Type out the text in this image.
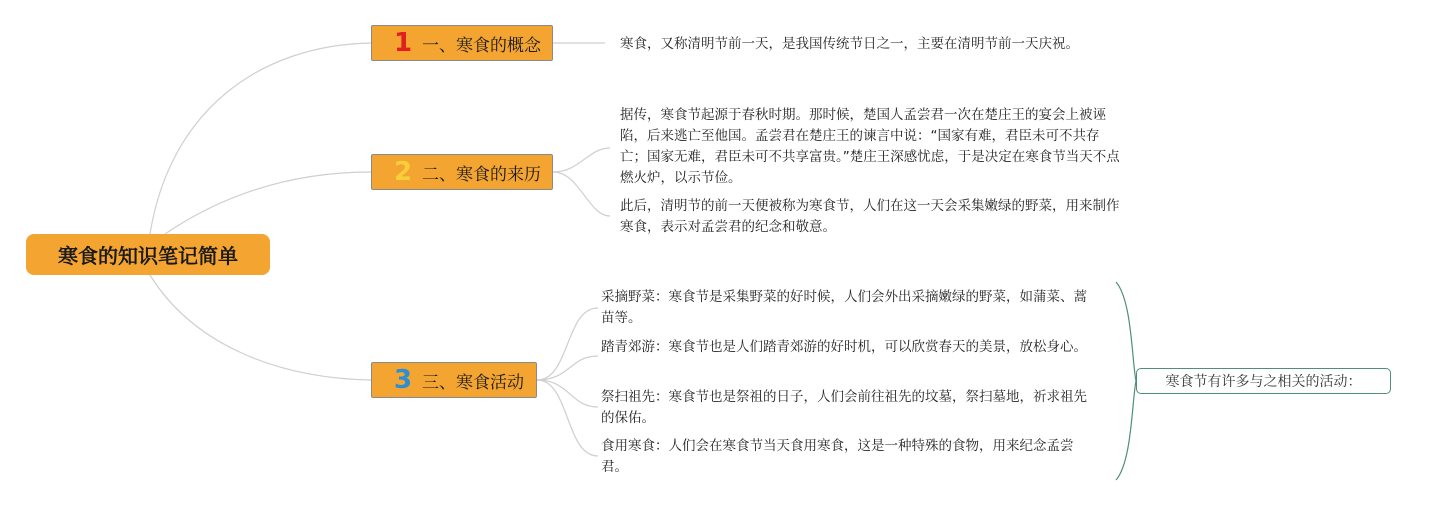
寒食的知识笔记简单
1 一、寒食的概念	寒食，又称清明节前一天，是我国传统节日之一，主要在清明节前一天庆祝。
2 二、寒食的来历
据传，寒食节起源于春秋时期。那时候，楚国人孟尝君一次在楚庄王的宴会上被诬陷，后来逃亡至他国。孟尝君在楚庄王的谏言中说：“国家有难，君臣未可不共存亡；国家无难，君臣未可不共享富贵。”楚庄王深感忧虑，于是决定在寒食节当天不点燃火炉，以示节俭。
此后，清明节的前一天便被称为寒食节，人们在这一天会采集嫩绿的野菜，用来制作寒食，表示对孟尝君的纪念和敬意。
3 三、寒食活动
采摘野菜：寒食节是采集野菜的好时候，人们会外出采摘嫩绿的野菜，如蒲菜、蒿苗等。
踏青郊游：寒食节也是人们踏青郊游的好时机，可以欣赏春天的美景，放松身心。
祭扫祖先：寒食节也是祭祖的日子，人们会前往祖先的坟墓，祭扫墓地，祈求祖先的保佑。
食用寒食：人们会在寒食节当天食用寒食，这是一种特殊的食物，用来纪念孟尝君。
寒食节有许多与之相关的活动：
